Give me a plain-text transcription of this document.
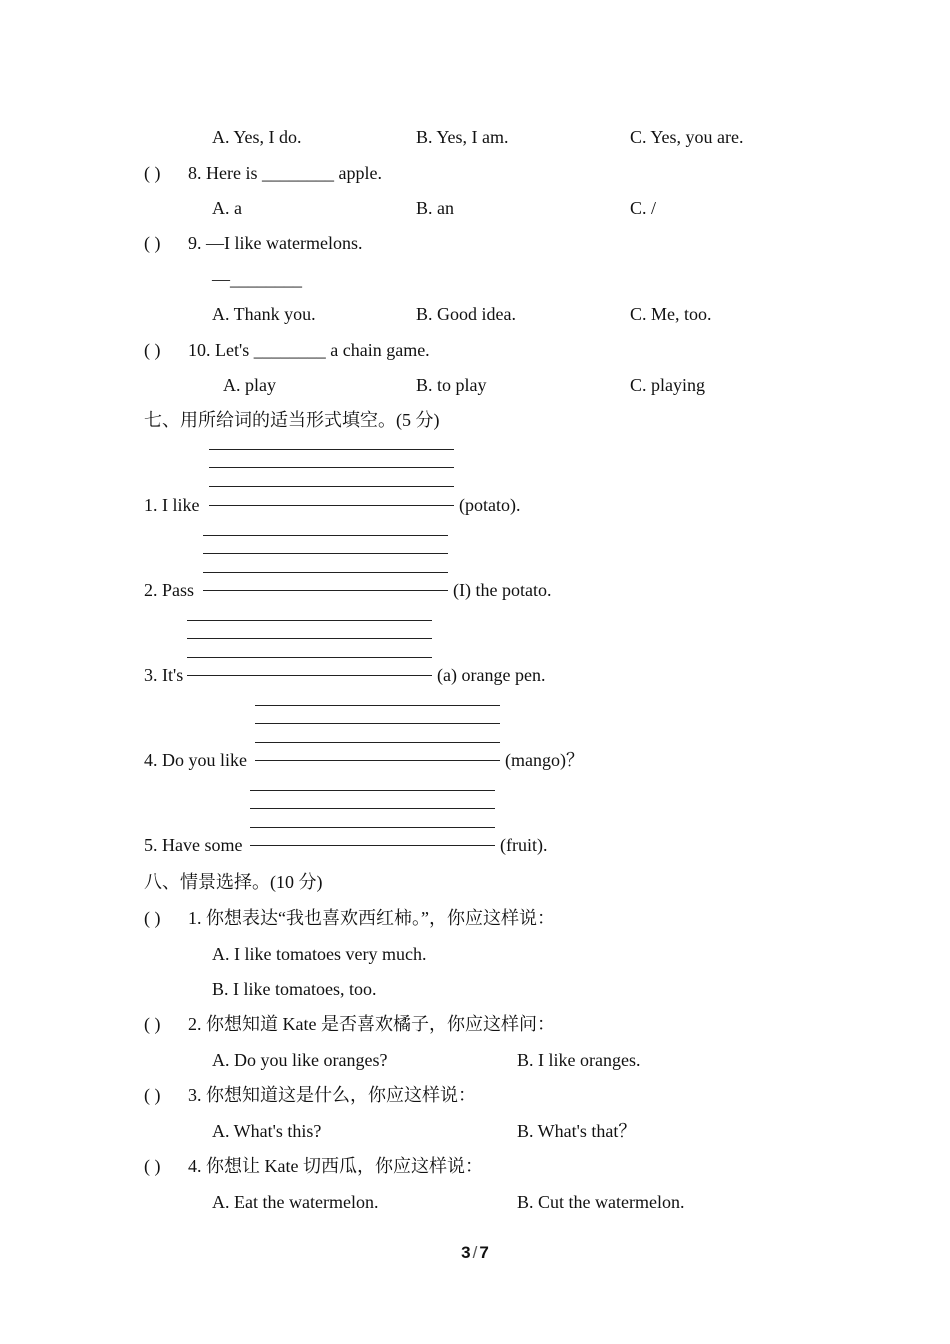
A. Yes, I do.	B. Yes, I am.	C. Yes, you are.
( ) 8. Here is ________ apple.
A. a	B. an	C. /
( ) 9. —I like watermelons.
—________
A. Thank you.	B. Good idea.	C. Me, too.
( ) 10. Let's ________ a chain game.
A. play	B. to play	C. playing
七、用所给词的适当形式填空。(5 分)
1. I like	(potato).
2. Pass	(I) the potato.
3. It's	(a) orange pen.
4. Do you like	(mango)？
5. Have some	(fruit).
八、情景选择。(10 分)
( ) 1. 你想表达“我也喜欢西红柿。”，你应这样说：
A. I like tomatoes very much.
B. I like tomatoes, too.
( ) 2. 你想知道 Kate 是否喜欢橘子，你应这样问：
A. Do you like oranges?	B. I like oranges.
( ) 3. 你想知道这是什么，你应这样说：
A. What's this?	B. What's that？
( ) 4. 你想让 Kate 切西瓜，你应这样说：
A. Eat the watermelon.	B. Cut the watermelon.
3 / 7
